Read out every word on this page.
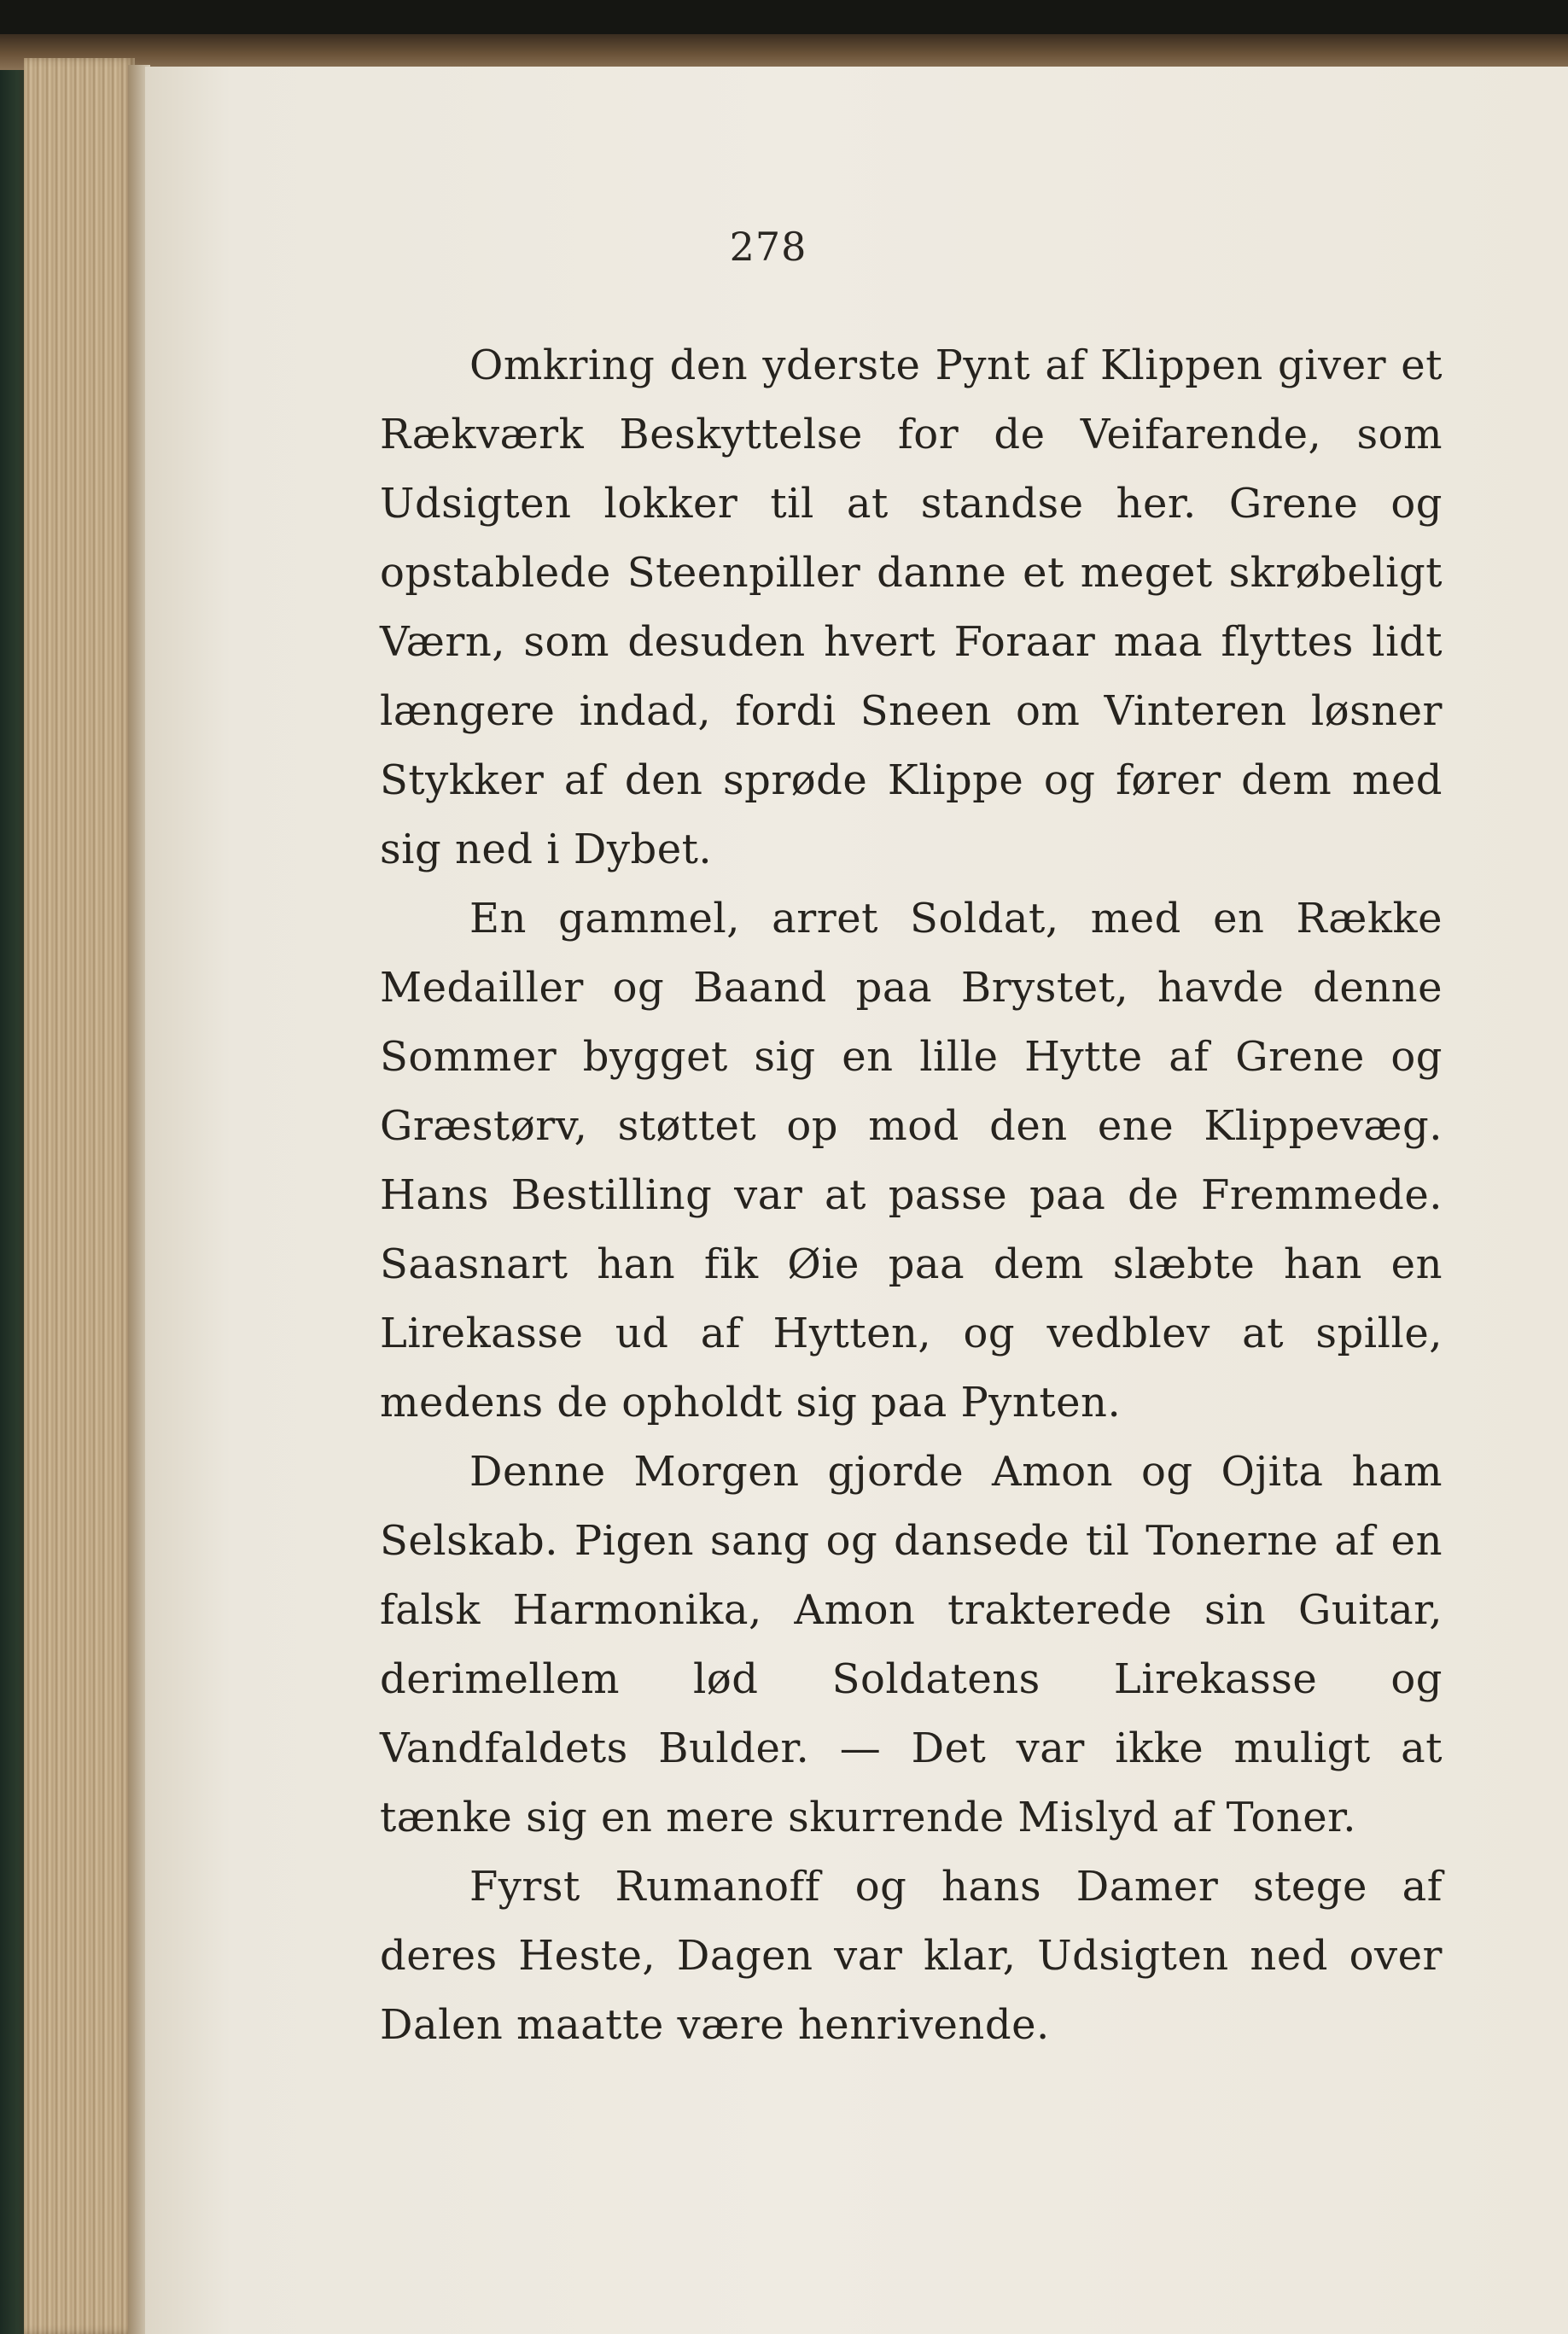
278

Omkring den yderste Pynt af Klippen giver et Rækværk Beskyttelse for de Veifarende, som Udsigten lokker til at standse her. Grene og opstablede Steenpiller danne et meget skrøbeligt Værn, som desuden hvert Foraar maa flyttes lidt længere indad, fordi Sneen om Vinteren løsner Stykker af den sprøde Klippe og fører dem med sig ned i Dybet.

En gammel, arret Soldat, med en Række Medailler og Baand paa Brystet, havde denne Sommer bygget sig en lille Hytte af Grene og Græstørv, støttet op mod den ene Klippevæg. Hans Bestilling var at passe paa de Fremmede. Saasnart han fik Øie paa dem slæbte han en Lirekasse ud af Hytten, og vedblev at spille, medens de opholdt sig paa Pynten.

Denne Morgen gjorde Amon og Ojita ham Selskab. Pigen sang og dansede til Tonerne af en falsk Harmonika, Amon trakterede sin Guitar, derimellem lød Soldatens Lirekasse og Vandfaldets Bulder. — Det var ikke muligt at tænke sig en mere skurrende Mislyd af Toner.

Fyrst Rumanoff og hans Damer stege af deres Heste, Dagen var klar, Udsigten ned over Dalen maatte være henrivende.
